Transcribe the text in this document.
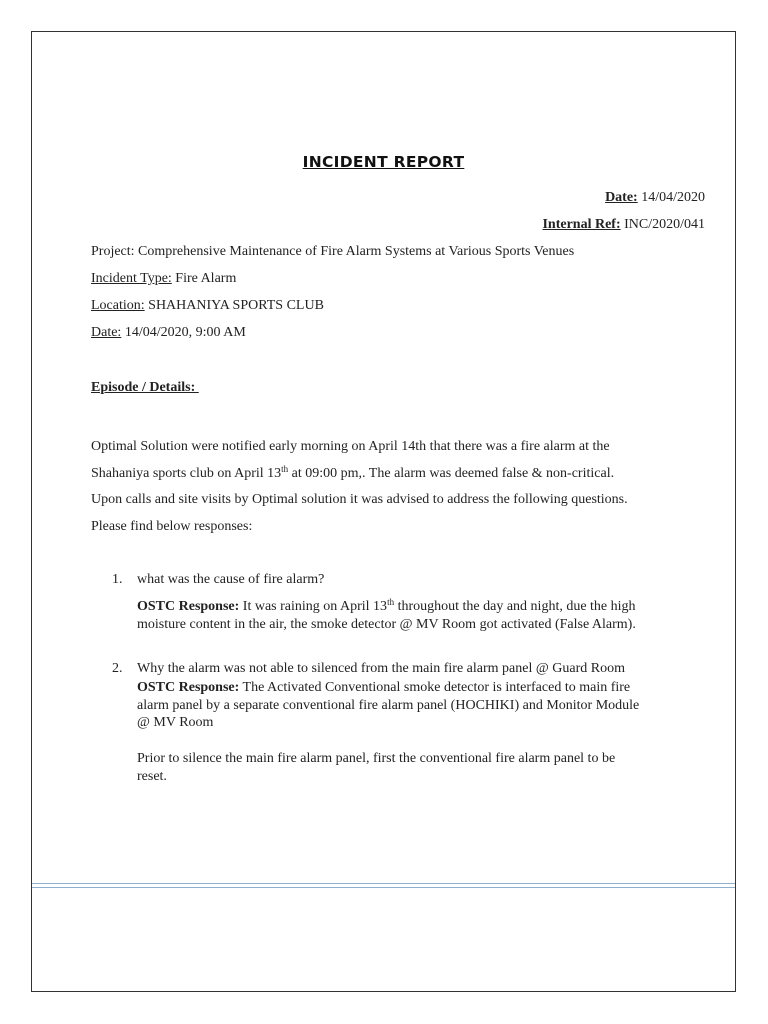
INCIDENT REPORT
Date: 14/04/2020
Internal Ref: INC/2020/041
Project: Comprehensive Maintenance of Fire Alarm Systems at Various Sports Venues
Incident Type: Fire Alarm
Location: SHAHANIYA SPORTS CLUB
Date: 14/04/2020, 9:00 AM
Episode / Details:
Optimal Solution were notified early morning on April 14th that there was a fire alarm at the
Shahaniya sports club on April 13th at 09:00 pm,. The alarm was deemed false & non-critical.
Upon calls and site visits by Optimal solution it was advised to address the following questions.
Please find below responses:
1. what was the cause of fire alarm?
OSTC Response: It was raining on April 13th throughout the day and night, due the high
moisture content in the air, the smoke detector @ MV Room got activated (False Alarm).
2. Why the alarm was not able to silenced from the main fire alarm panel @ Guard Room
OSTC Response: The Activated Conventional smoke detector is interfaced to main fire
alarm panel by a separate conventional fire alarm panel (HOCHIKI) and Monitor Module
@ MV Room
Prior to silence the main fire alarm panel, first the conventional fire alarm panel to be
reset.
